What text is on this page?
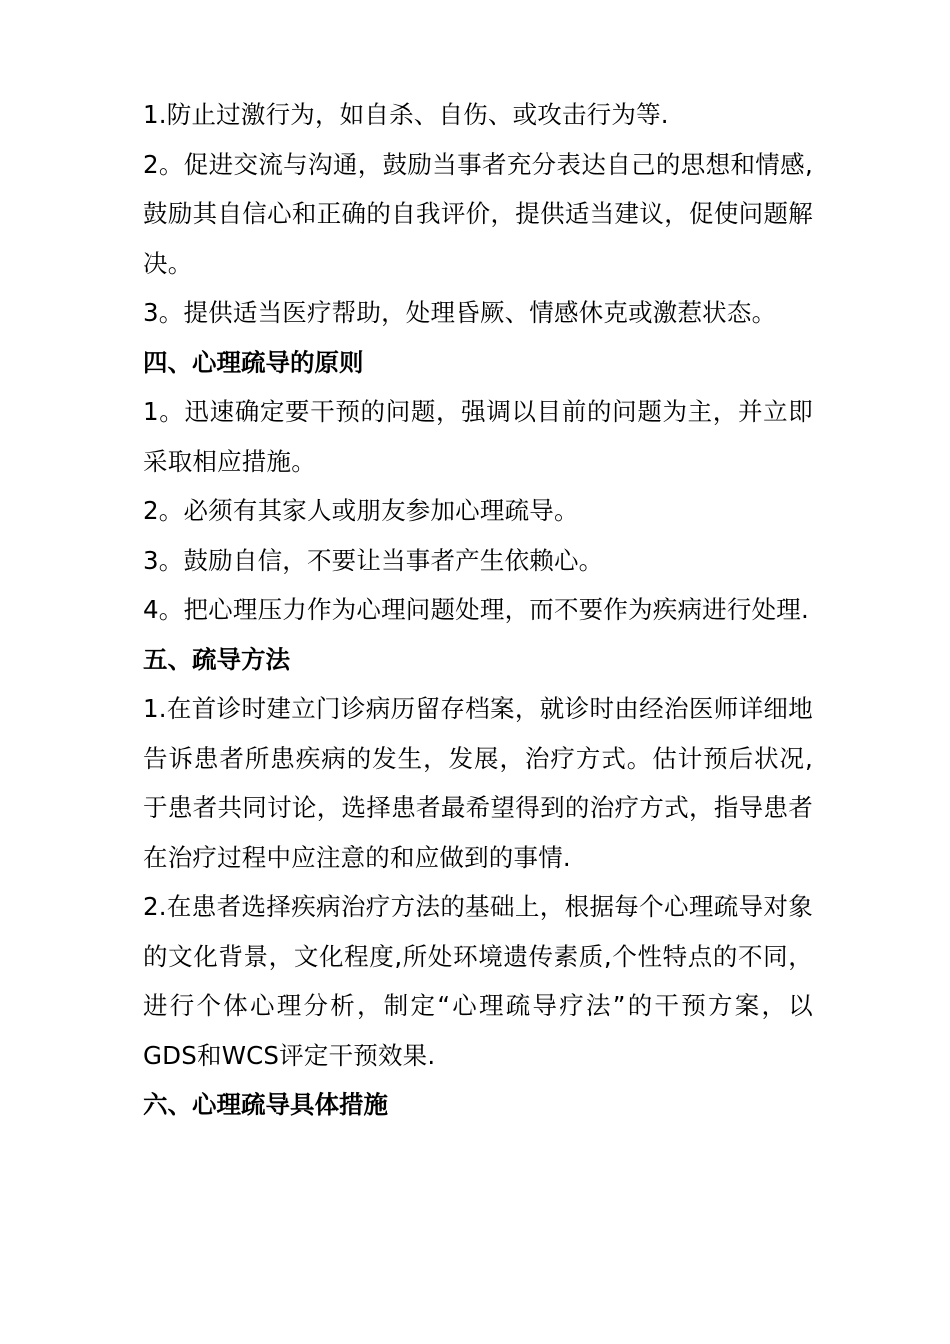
1.防止过激行为，如自杀、自伤、或攻击行为等.

2。促进交流与沟通，鼓励当事者充分表达自己的思想和情感,鼓励其自信心和正确的自我评价，提供适当建议，促使问题解决。

3。提供适当医疗帮助，处理昏厥、情感休克或激惹状态。

四、心理疏导的原则

1。迅速确定要干预的问题，强调以目前的问题为主，并立即采取相应措施。

2。必须有其家人或朋友参加心理疏导。

3。鼓励自信，不要让当事者产生依赖心。

4。把心理压力作为心理问题处理，而不要作为疾病进行处理.

五、疏导方法

1.在首诊时建立门诊病历留存档案，就诊时由经治医师详细地告诉患者所患疾病的发生，发展，治疗方式。估计预后状况,于患者共同讨论，选择患者最希望得到的治疗方式，指导患者在治疗过程中应注意的和应做到的事情.

2.在患者选择疾病治疗方法的基础上，根据每个心理疏导对象的文化背景，文化程度,所处环境遗传素质,个性特点的不同，进行个体心理分析，制定“心理疏导疗法”的干预方案，以GDS和WCS评定干预效果.

六、心理疏导具体措施
